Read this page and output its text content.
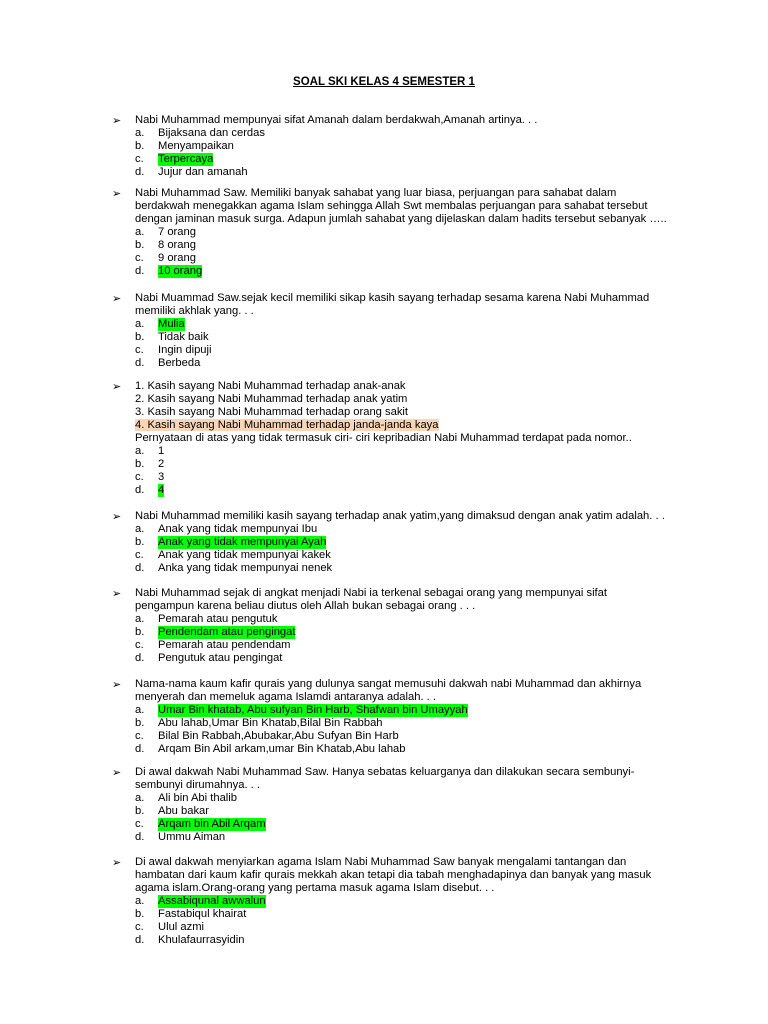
SOAL SKI KELAS 4 SEMESTER 1
➢	Nabi Muhammad mempunyai sifat Amanah dalam berdakwah,Amanah artinya. . .
a. Bijaksana dan cerdas
b. Menyampaikan
c. Terpercaya
d. Jujur dan amanah
➢	Nabi Muhammad Saw. Memiliki banyak sahabat yang luar biasa, perjuangan para sahabat dalam
berdakwah menegakkan agama Islam sehingga Allah Swt membalas perjuangan para sahabat tersebut
dengan jaminan masuk surga. Adapun jumlah sahabat yang dijelaskan dalam hadits tersebut sebanyak …..
a. 7 orang
b. 8 orang
c. 9 orang
d. 10 orang
➢	Nabi Muammad Saw.sejak kecil memiliki sikap kasih sayang terhadap sesama karena Nabi Muhammad
memiliki akhlak yang. . .
a. Mulia
b. Tidak baik
c. Ingin dipuji
d. Berbeda
➢	1. Kasih sayang Nabi Muhammad terhadap anak-anak
2. Kasih sayang Nabi Muhammad terhadap anak yatim
3. Kasih sayang Nabi Muhammad terhadap orang sakit
4. Kasih sayang Nabi Muhammad terhadap janda-janda kaya
Pernyataan di atas yang tidak termasuk ciri- ciri kepribadian Nabi Muhammad terdapat pada nomor..
a. 1
b. 2
c. 3
d. 4
➢	Nabi Muhammad memiliki kasih sayang terhadap anak yatim,yang dimaksud dengan anak yatim adalah. . .
a. Anak yang tidak mempunyai Ibu
b. Anak yang tidak mempunyai Ayah
c. Anak yang tidak mempunyai kakek
d. Anka yang tidak mempunyai nenek
➢	Nabi Muhammad sejak di angkat menjadi Nabi ia terkenal sebagai orang yang mempunyai sifat
pengampun karena beliau diutus oleh Allah bukan sebagai orang . . .
a. Pemarah atau pengutuk
b. Pendendam atau pengingat
c. Pemarah atau pendendam
d. Pengutuk atau pengingat
➢	Nama-nama kaum kafir qurais yang dulunya sangat memusuhi dakwah nabi Muhammad dan akhirnya
menyerah dan memeluk agama Islamdi antaranya adalah. . .
a. Umar Bin khatab, Abu sufyan Bin Harb, Shafwan bin Umayyah
b. Abu lahab,Umar Bin Khatab,Bilal Bin Rabbah
c. Bilal Bin Rabbah,Abubakar,Abu Sufyan Bin Harb
d. Arqam Bin Abil arkam,umar Bin Khatab,Abu lahab
➢	Di awal dakwah Nabi Muhammad Saw. Hanya sebatas keluarganya dan dilakukan secara sembunyi-
sembunyi dirumahnya. . .
a. Ali bin Abi thalib
b. Abu bakar
c. Arqam bin Abil Arqam
d. Ummu Aiman
➢	Di awal dakwah menyiarkan agama Islam Nabi Muhammad Saw banyak mengalami tantangan dan
hambatan dari kaum kafir qurais mekkah akan tetapi dia tabah menghadapinya dan banyak yang masuk
agama islam.Orang-orang yang pertama masuk agama Islam disebut. . .
a. Assabiqunal awwalun
b. Fastabiqul khairat
c. Ulul azmi
d. Khulafaurrasyidin
